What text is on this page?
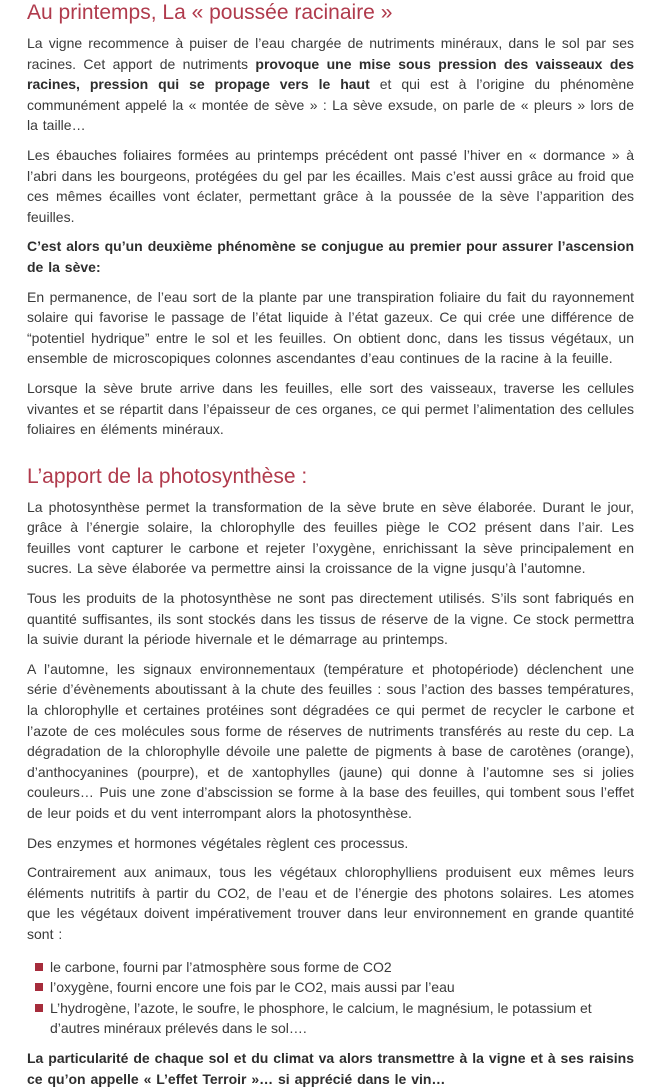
Au printemps, La « poussée racinaire »

La vigne recommence à puiser de l’eau chargée de nutriments minéraux, dans le sol par ses racines. Cet apport de nutriments provoque une mise sous pression des vaisseaux des racines, pression qui se propage vers le haut et qui est à l’origine du phénomène communément appelé la « montée de sève » : La sève exsude, on parle de « pleurs » lors de la taille…

Les ébauches foliaires formées au printemps précédent ont passé l’hiver en « dormance » à l’abri dans les bourgeons, protégées du gel par les écailles. Mais c’est aussi grâce au froid que ces mêmes écailles vont éclater, permettant grâce à la poussée de la sève l’apparition des feuilles.

C’est alors qu’un deuxième phénomène se conjugue au premier pour assurer l’ascension de la sève:

En permanence, de l’eau sort de la plante par une transpiration foliaire du fait du rayonnement solaire qui favorise le passage de l’état liquide à l’état gazeux. Ce qui crée une différence de “potentiel hydrique” entre le sol et les feuilles. On obtient donc, dans les tissus végétaux, un ensemble de microscopiques colonnes ascendantes d’eau continues de la racine à la feuille.

Lorsque la sève brute arrive dans les feuilles, elle sort des vaisseaux, traverse les cellules vivantes et se répartit dans l’épaisseur de ces organes, ce qui permet l’alimentation des cellules foliaires en éléments minéraux.

L’apport de la photosynthèse :

La photosynthèse permet la transformation de la sève brute en sève élaborée. Durant le jour, grâce à l’énergie solaire, la chlorophylle des feuilles piège le CO2 présent dans l’air. Les feuilles vont capturer le carbone et rejeter l’oxygène, enrichissant la sève principalement en sucres. La sève élaborée va permettre ainsi la croissance de la vigne jusqu’à l’automne.

Tous les produits de la photosynthèse ne sont pas directement utilisés. S’ils sont fabriqués en quantité suffisantes, ils sont stockés dans les tissus de réserve de la vigne. Ce stock permettra la suivie durant la période hivernale et le démarrage au printemps.

A l’automne, les signaux environnementaux (température et photopériode) déclenchent une série d’évènements aboutissant à la chute des feuilles : sous l’action des basses températures, la chlorophylle et certaines protéines sont dégradées ce qui permet de recycler le carbone et l’azote de ces molécules sous forme de réserves de nutriments transférés au reste du cep. La dégradation de la chlorophylle dévoile une palette de pigments à base de carotènes (orange), d’anthocyanines (pourpre), et de xantophylles (jaune) qui donne à l’automne ses si jolies couleurs… Puis une zone d’abscission se forme à la base des feuilles, qui tombent sous l’effet de leur poids et du vent interrompant alors la photosynthèse.

Des enzymes et hormones végétales règlent ces processus.

Contrairement aux animaux, tous les végétaux chlorophylliens produisent eux mêmes leurs éléments nutritifs à partir du CO2, de l’eau et de l’énergie des photons solaires. Les atomes que les végétaux doivent impérativement trouver dans leur environnement en grande quantité sont :

le carbone, fourni par l’atmosphère sous forme de CO2
l’oxygène, fourni encore une fois par le CO2, mais aussi par l’eau
L’hydrogène, l’azote, le soufre, le phosphore, le calcium, le magnésium, le potassium et d’autres minéraux prélevés dans le sol….

La particularité de chaque sol et du climat va alors transmettre à la vigne et à ses raisins ce qu’on appelle « L’effet Terroir »… si apprécié dans le vin…
